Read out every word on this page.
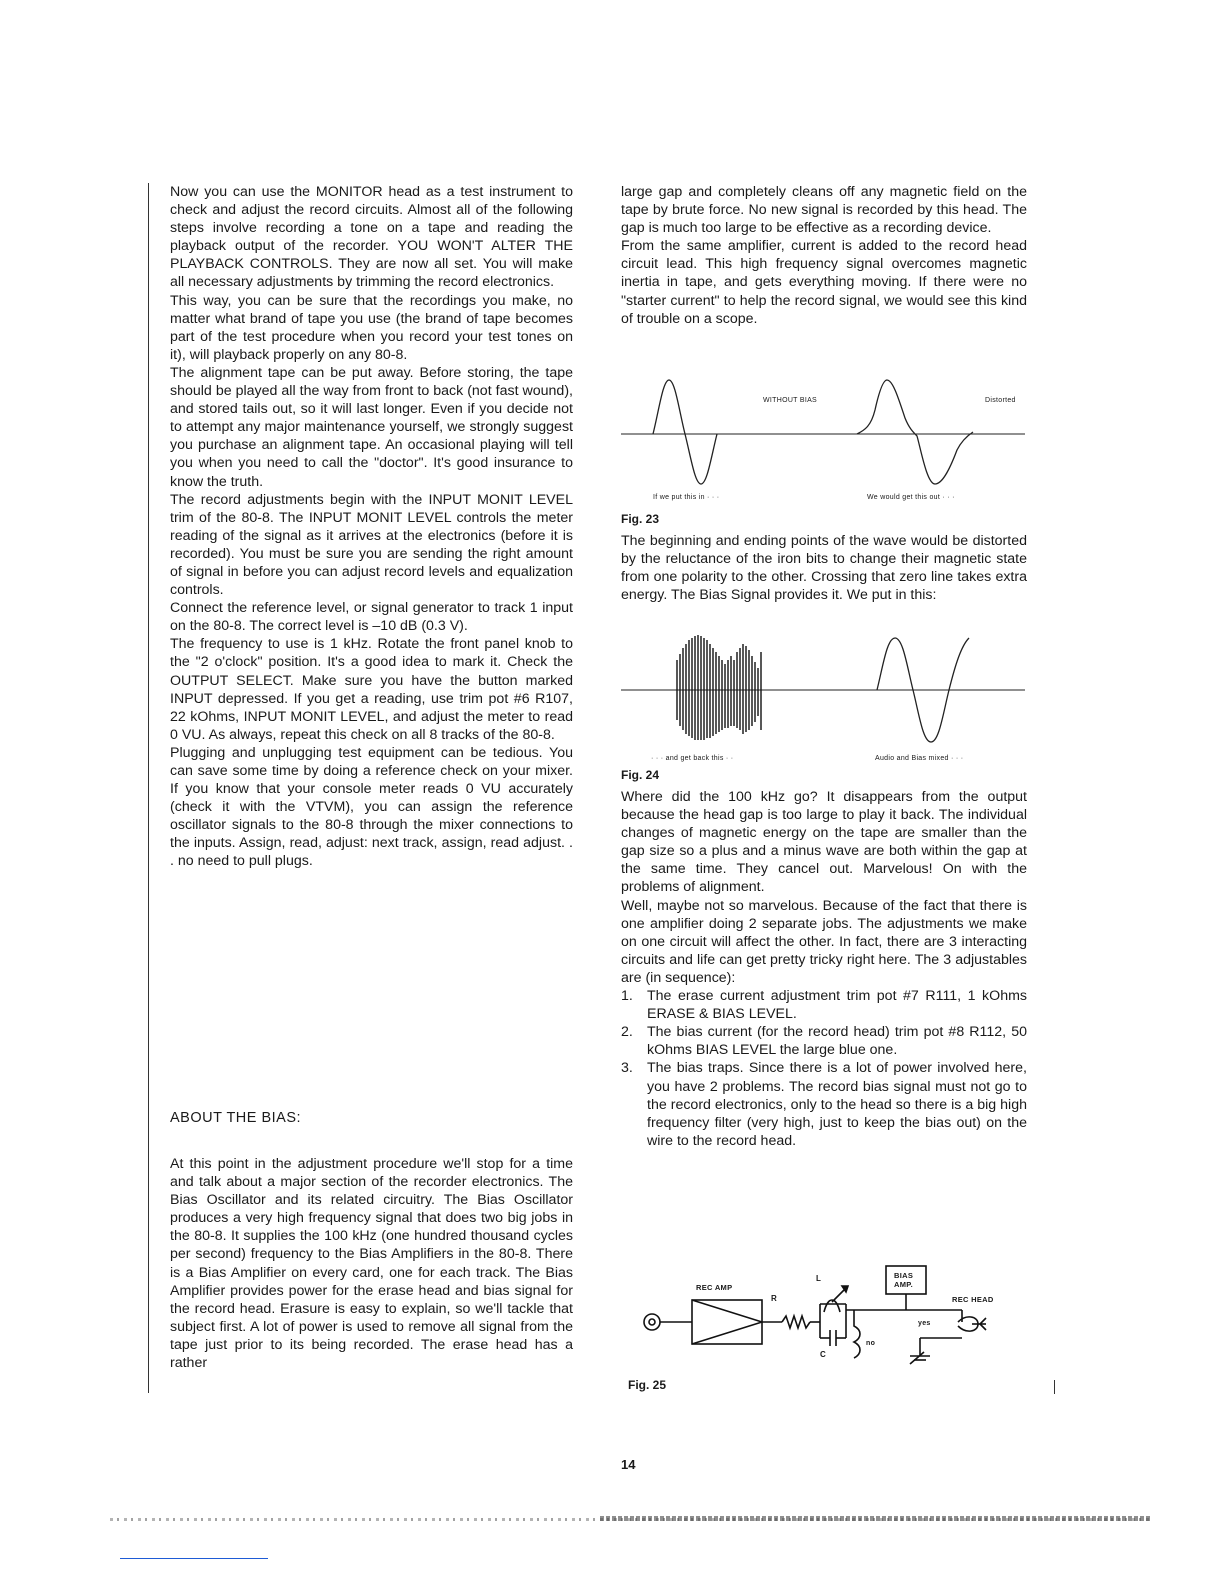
Now you can use the MONITOR head as a test instrument to check and adjust the record circuits. Almost all of the following steps involve recording a tone on a tape and reading the playback output of the recorder. YOU WON'T ALTER THE PLAYBACK CONTROLS. They are now all set. You will make all necessary adjustments by trimming the record electronics.

This way, you can be sure that the recordings you make, no matter what brand of tape you use (the brand of tape becomes part of the test procedure when you record your test tones on it), will playback properly on any 80-8.

The alignment tape can be put away. Before storing, the tape should be played all the way from front to back (not fast wound), and stored tails out, so it will last longer. Even if you decide not to attempt any major maintenance yourself, we strongly suggest you purchase an alignment tape. An occasional playing will tell you when you need to call the "doctor". It's good insurance to know the truth.

The record adjustments begin with the INPUT MONIT LEVEL trim of the 80-8. The INPUT MONIT LEVEL controls the meter reading of the signal as it arrives at the electronics (before it is recorded). You must be sure you are sending the right amount of signal in before you can adjust record levels and equalization controls.

Connect the reference level, or signal generator to track 1 input on the 80-8. The correct level is –10 dB (0.3 V).

The frequency to use is 1 kHz. Rotate the front panel knob to the "2 o'clock" position. It's a good idea to mark it. Check the OUTPUT SELECT. Make sure you have the button marked INPUT depressed. If you get a reading, use trim pot #6 R107, 22 kOhms, INPUT MONIT LEVEL, and adjust the meter to read 0 VU. As always, repeat this check on all 8 tracks of the 80-8.

Plugging and unplugging test equipment can be tedious. You can save some time by doing a reference check on your mixer. If you know that your console meter reads 0 VU accurately (check it with the VTVM), you can assign the reference oscillator signals to the 80-8 through the mixer connections to the inputs. Assign, read, adjust: next track, assign, read adjust. . . no need to pull plugs.

ABOUT THE BIAS:

At this point in the adjustment procedure we'll stop for a time and talk about a major section of the recorder electronics. The Bias Oscillator and its related circuitry. The Bias Oscillator produces a very high frequency signal that does two big jobs in the 80-8. It supplies the 100 kHz (one hundred thousand cycles per second) frequency to the Bias Amplifiers in the 80-8. There is a Bias Amplifier on every card, one for each track. The Bias Amplifier provides power for the erase head and bias signal for the record head. Erasure is easy to explain, so we'll tackle that subject first. A lot of power is used to remove all signal from the tape just prior to its being recorded. The erase head has a rather

large gap and completely cleans off any magnetic field on the tape by brute force. No new signal is recorded by this head. The gap is much too large to be effective as a recording device.

From the same amplifier, current is added to the record head circuit lead. This high frequency signal overcomes magnetic inertia in tape, and gets everything moving. If there were no "starter current" to help the record signal, we would see this kind of trouble on a scope.

WITHOUT BIAS	Distorted
If we put this in · · ·	We would get this out · · ·
Fig. 23

The beginning and ending points of the wave would be distorted by the reluctance of the iron bits to change their magnetic state from one polarity to the other. Crossing that zero line takes extra energy. The Bias Signal provides it. We put in this:

· · · and get back this · ·	Audio and Bias mixed · · ·
Fig. 24

Where did the 100 kHz go? It disappears from the output because the head gap is too large to play it back. The individual changes of magnetic energy on the tape are smaller than the gap size so a plus and a minus wave are both within the gap at the same time. They cancel out. Marvelous! On with the problems of alignment.

Well, maybe not so marvelous. Because of the fact that there is one amplifier doing 2 separate jobs. The adjustments we make on one circuit will affect the other. In fact, there are 3 interacting circuits and life can get pretty tricky right here. The 3 adjustables are (in sequence):

1. The erase current adjustment trim pot #7 R111, 1 kOhms ERASE & BIAS LEVEL.
2. The bias current (for the record head) trim pot #8 R112, 50 kOhms BIAS LEVEL the large blue one.
3. The bias traps. Since there is a lot of power involved here, you have 2 problems. The record bias signal must not go to the record electronics, only to the head so there is a big high frequency filter (very high, just to keep the bias out) on the wire to the record head.
REC AMP
R
L
C
BIAS
AMP.
REC HEAD
yes
no
Fig. 25
14
